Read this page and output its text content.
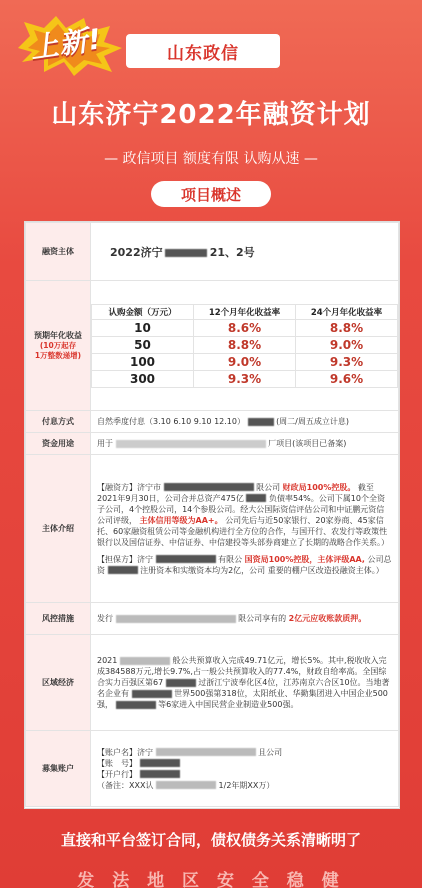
上新!	山东政信
山东济宁2022年融资计划
— 政信项目 额度有限 认购从速 —
项目概述
融资主体	2022济宁	21、2号
预期年化收益
(10万起存
1万整数递增)

认购金额（万元）	12个月年化收益率	24个月年化收益率
10	8.6%	8.8%
50	8.8%	9.0%
100	9.0%	9.3%
300	9.3%	9.6%

付息方式	自然季度付息（3.10 6.10 9.10 12.10）	(周二/周五成立计息)
资金用途	用于	厂项目(该项目已备案)
主体介绍	
【融资方】济宁市	限公司 财政局100%控股。 截至2021年9月30日，公司合并总资产475亿	负债率54%。公司下属10个全资子公司，4个控股公司，14个参股公司。经大公国际资信评估公司和中证鹏元资信公司评级， 主体信用等级为AA+。 公司先后与近50家银行、20家券商、45家信托、60家融资租赁公司等金融机构进行全方位的合作，与国开行、农发行等政策性银行以及国信证券、中信证券、中信建投等头部券商建立了长期的战略合作关系。）
【担保方】济宁	有限公 国资局100%控股，主体评级AA, 公司总资	注册资本和实缴资本均为2亿，公司 重要的棚户区改造投融资主体。）

风控措施	发行	限公司享有的 2亿元应收账款质押。
区域经济	2021	般公共预算收入完成49.71亿元，增长5%。其中,税收收入完成384588万元,增长9.7%,占一般公共预算收入的77.4%，财政自给率高。全国综合实力百强区第67	过浙江宁波奉化区4位，江苏南京六合区10位。当地著名企业有	世界500强第318位，太阳纸业、华勤集团进入中国企业500强，	等6家进入中国民营企业制造业500强。
募集账户	
【账户名】济宁	且公司
【账　号】
【开户行】
（备注：XXX认	1/2年期XX万）
直接和平台签订合同，债权债务关系清晰明了
发 法 地 区 安 全 稳 健
